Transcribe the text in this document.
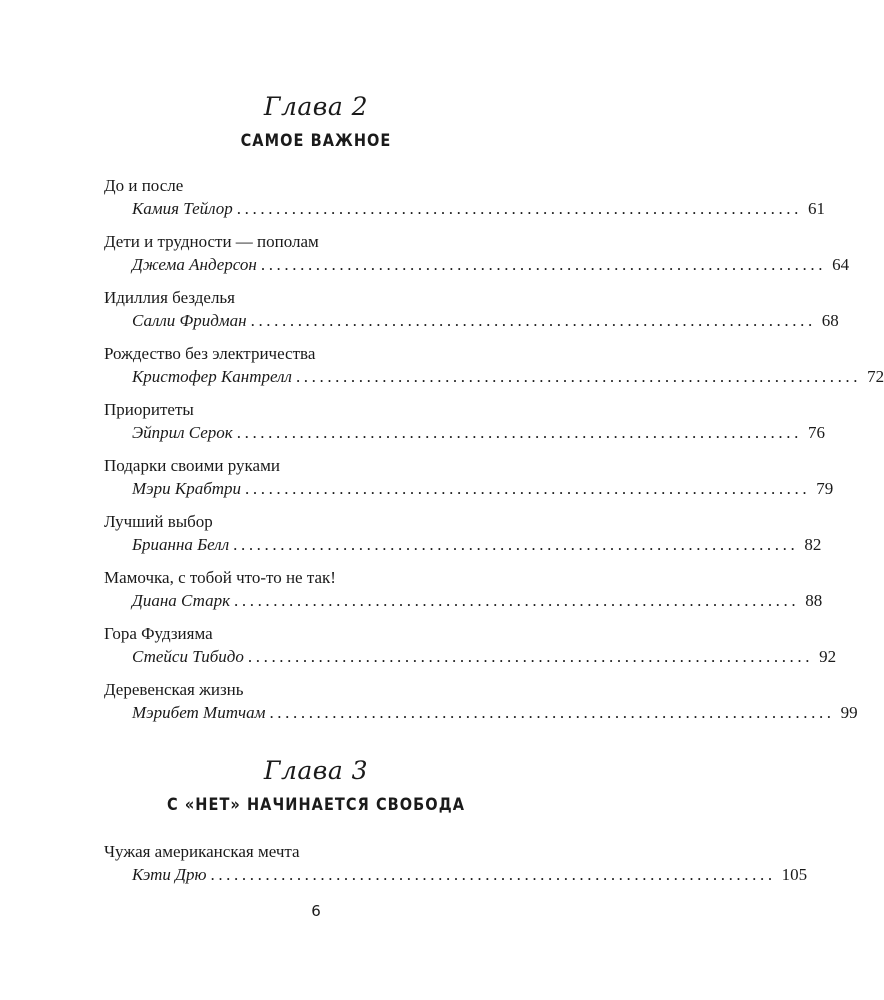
Глава 2
САМОЕ ВАЖНОЕ
До и после
Камия Тейлор ........................................................................ 61
Дети и трудности — пополам
Джема Андерсон ........................................................................ 64
Идиллия безделья
Салли Фридман ........................................................................ 68
Рождество без электричества
Кристофер Кантрелл ........................................................................ 72
Приоритеты
Эйприл Серок ........................................................................ 76
Подарки своими руками
Мэри Крабтри ........................................................................ 79
Лучший выбор
Брианна Белл ........................................................................ 82
Мамочка, с тобой что-то не так!
Диана Старк ........................................................................ 88
Гора Фудзияма
Стейси Тибидо ........................................................................ 92
Деревенская жизнь
Мэрибет Митчам ........................................................................ 99
Глава 3
С «НЕТ» НАЧИНАЕТСЯ СВОБОДА
Чужая американская мечта
Кэти Дрю ........................................................................ 105
6
